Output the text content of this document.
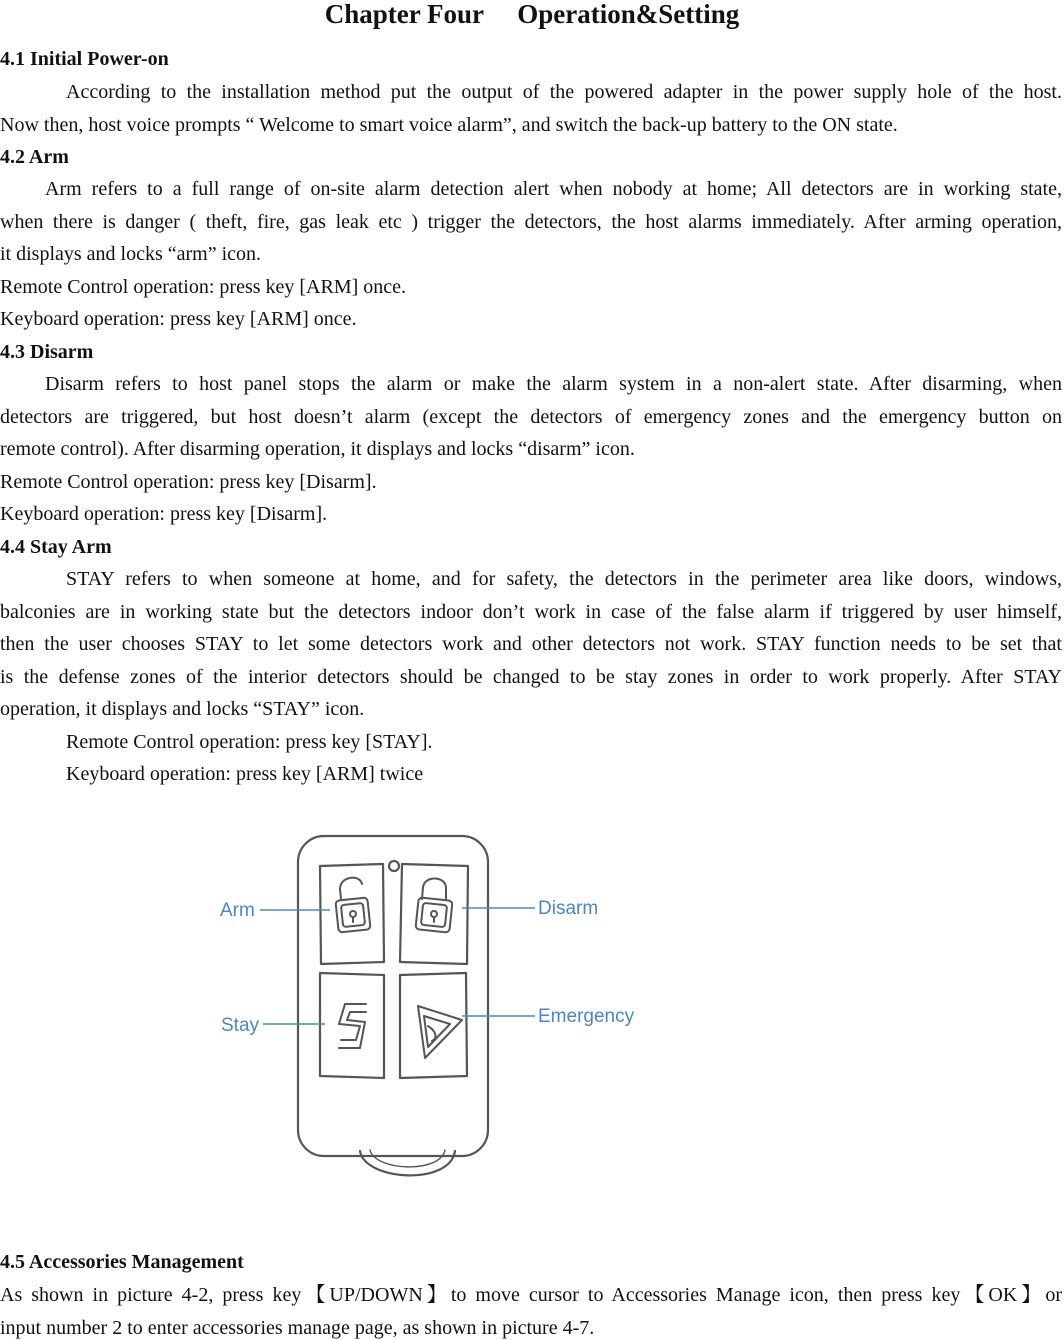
Chapter Four　 Operation&Setting
4.1 Initial Power-on
According to the installation method put the output of the powered adapter in the power supply hole of the host.
Now then, host voice prompts “ Welcome to smart voice alarm”, and switch the back-up battery to the ON state.
4.2 Arm
Arm refers to a full range of on-site alarm detection alert when nobody at home; All detectors are in working state,
when there is danger ( theft, fire, gas leak etc ) trigger the detectors, the host alarms immediately. After arming operation,
it displays and locks “arm” icon.
Remote Control operation: press key [ARM] once.
Keyboard operation: press key [ARM] once.
4.3 Disarm
Disarm refers to host panel stops the alarm or make the alarm system in a non-alert state. After disarming, when
detectors are triggered, but host doesn’t alarm (except the detectors of emergency zones and the emergency button on
remote control). After disarming operation, it displays and locks “disarm” icon.
Remote Control operation: press key [Disarm].
Keyboard operation: press key [Disarm].
4.4 Stay Arm
STAY refers to when someone at home, and for safety, the detectors in the perimeter area like doors, windows,
balconies are in working state but the detectors indoor don’t work in case of the false alarm if triggered by user himself,
then the user chooses STAY to let some detectors work and other detectors not work. STAY function needs to be set that
is the defense zones of the interior detectors should be changed to be stay zones in order to work properly. After STAY
operation, it displays and locks “STAY” icon.
Remote Control operation: press key [STAY].
Keyboard operation: press key [ARM] twice
Arm	Disarm
Stay	Emergency
4.5 Accessories Management
As shown in picture 4-2, press key【UP/DOWN】to move cursor to Accessories Manage icon, then press key【OK】or
input number 2 to enter accessories manage page, as shown in picture 4-7.
